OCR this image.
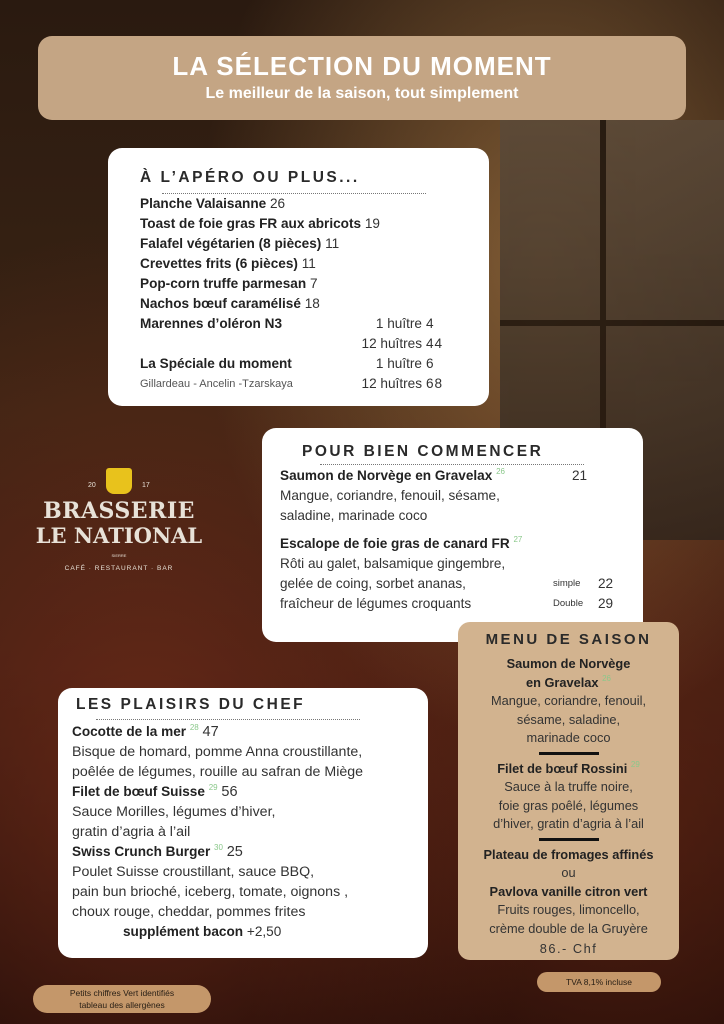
LA SÉLECTION DU MOMENT
Le meilleur de la saison, tout simplement
À L’APÉRO OU PLUS...
Planche Valaisanne 26
Toast de foie gras FR aux abricots 19
Falafel végétarien (8 pièces) 11
Crevettes frits (6 pièces) 11
Pop-corn truffe parmesan 7
Nachos bœuf caramélisé 18
Marennes d’oléron N3	1 huître 4
12 huîtres 44
La Spéciale du moment	1 huître 6
Gillardeau - Ancelin -Tzarskaya	12 huîtres 68
POUR BIEN COMMENCER
Saumon de Norvège en Gravelax $^{26}$	21
Mangue, coriandre, fenouil, sésame,
saladine, marinade coco
Escalope de foie gras de canard FR $^{27}$
Rôti au galet, balsamique gingembre,
gelée de coing, sorbet ananas,	simple 22
fraîcheur de légumes croquants	Double 29
LES PLAISIRS DU CHEF
Cocotte de la mer $^{28}$ 47
Bisque de homard, pomme Anna croustillante,
poêlée de légumes, rouille au safran de Miège
Filet de bœuf Suisse $^{29}$ 56
Sauce Morilles, légumes d’hiver,
gratin d’agria à l’ail
Swiss Crunch Burger $^{30}$ 25
Poulet Suisse croustillant, sauce BBQ,
pain bun brioché, iceberg, tomate, oignons ,
choux rouge, cheddar, pommes frites
supplément bacon +2,50
MENU DE SAISON
Saumon de Norvège
en Gravelax $^{26}$
Mangue, coriandre, fenouil,
sésame, saladine,
marinade coco
Filet de bœuf Rossini $^{29}$
Sauce à la truffe noire,
foie gras poêlé, légumes
d’hiver, gratin d’agria à l’ail
Plateau de fromages affinés
ou
Pavlova vanille citron vert
Fruits rouges, limoncello,
crème double de la Gruyère
86.- Chf
20	17
BRASSERIE
LE NATIONAL
SIERRE
CAFÉ · RESTAURANT · BAR
Petits chiffres Vert identifiés
tableau des allergènes
TVA 8,1% incluse
